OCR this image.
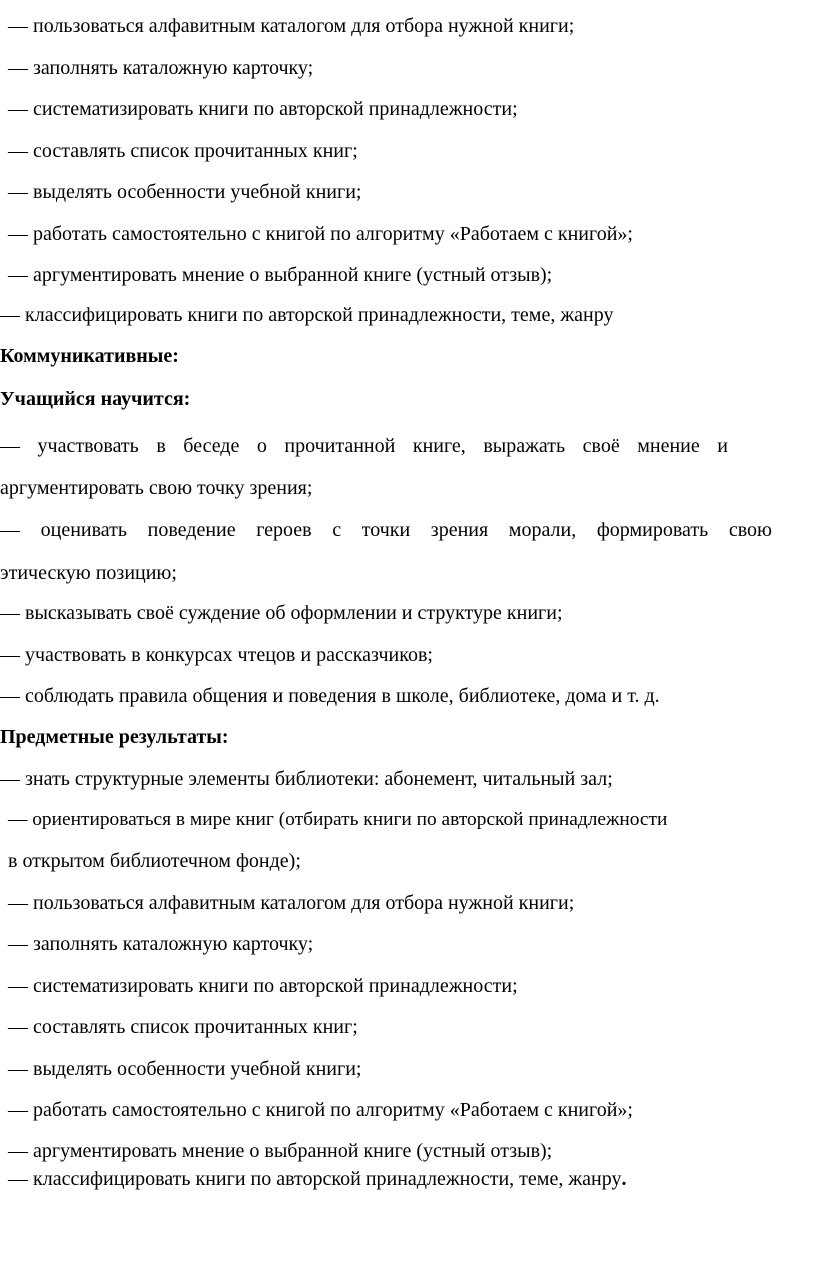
— пользоваться алфавитным каталогом для отбора нужной книги;
— заполнять каталожную карточку;
— систематизировать книги по авторской принадлежности;
— составлять список прочитанных книг;
— выделять особенности учебной книги;
— работать самостоятельно с книгой по алгоритму «Работаем с книгой»;
— аргументировать мнение о выбранной книге (устный отзыв);
— классифицировать книги по авторской принадлежности, теме, жанру
Коммуникативные:
Учащийся научится:
— участвовать в беседе о прочитанной книге, выражать своё мнение и
аргументировать свою точку зрения;
— оценивать поведение героев с точки зрения морали, формировать свою
этическую позицию;
— высказывать своё суждение об оформлении и структуре книги;
— участвовать в конкурсах чтецов и рассказчиков;
— соблюдать правила общения и поведения в школе, библиотеке, дома и т. д.
Предметные результаты:
— знать структурные элементы библиотеки: абонемент, читальный зал;
— ориентироваться в мире книг (отбирать книги по авторской принадлежности
в открытом библиотечном фонде);
— пользоваться алфавитным каталогом для отбора нужной книги;
— заполнять каталожную карточку;
— систематизировать книги по авторской принадлежности;
— составлять список прочитанных книг;
— выделять особенности учебной книги;
— работать самостоятельно с книгой по алгоритму «Работаем с книгой»;
— аргументировать мнение о выбранной книге (устный отзыв);
— классифицировать книги по авторской принадлежности, теме, жанру.
